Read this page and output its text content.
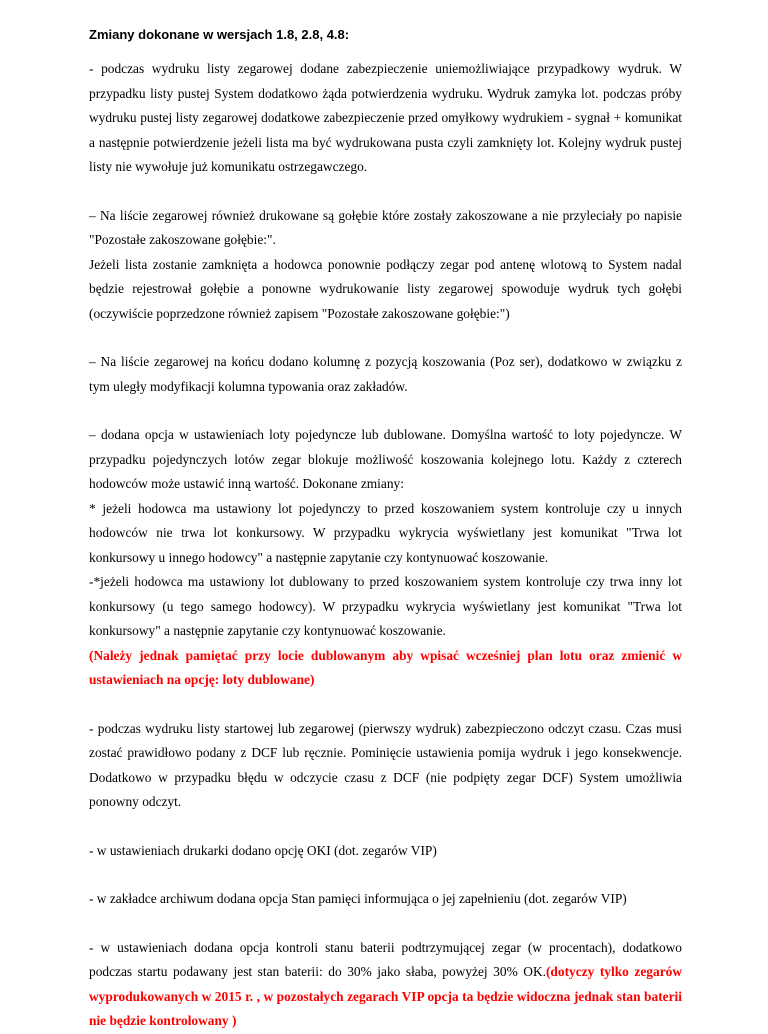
Zmiany dokonane w wersjach 1.8, 2.8, 4.8:

- podczas wydruku listy zegarowej dodane zabezpieczenie uniemożliwiające przypadkowy wydruk. W przypadku listy pustej System dodatkowo żąda potwierdzenia wydruku. Wydruk zamyka lot. podczas próby wydruku pustej listy zegarowej dodatkowe zabezpieczenie przed omyłkowy wydrukiem - sygnał + komunikat a następnie potwierdzenie jeżeli lista ma być wydrukowana pusta czyli zamknięty lot. Kolejny wydruk pustej listy nie wywołuje już komunikatu ostrzegawczego.

– Na liście zegarowej również drukowane są gołębie które zostały zakoszowane a nie przyleciały po napisie "Pozostałe zakoszowane gołębie:".

Jeżeli lista zostanie zamknięta a hodowca ponownie podłączy zegar pod antenę wlotową to System nadal będzie rejestrował gołębie a ponowne wydrukowanie listy zegarowej spowoduje wydruk tych gołębi (oczywiście poprzedzone również zapisem "Pozostałe zakoszowane gołębie:")

– Na liście zegarowej na końcu dodano kolumnę z pozycją koszowania (Poz ser), dodatkowo w związku z tym uległy modyfikacji kolumna typowania oraz zakładów.

– dodana opcja w ustawieniach loty pojedyncze lub dublowane. Domyślna wartość to loty pojedyncze. W przypadku pojedynczych lotów zegar blokuje możliwość koszowania kolejnego lotu. Każdy z czterech hodowców może ustawić inną wartość. Dokonane zmiany:

* jeżeli hodowca ma ustawiony lot pojedynczy to przed koszowaniem system kontroluje czy u innych hodowców nie trwa lot konkursowy. W przypadku wykrycia wyświetlany jest komunikat "Trwa lot konkursowy u innego hodowcy" a następnie zapytanie czy kontynuować koszowanie.

-*jeżeli hodowca ma ustawiony lot dublowany to przed koszowaniem system kontroluje czy trwa inny lot konkursowy (u tego samego hodowcy). W przypadku wykrycia wyświetlany jest komunikat "Trwa lot konkursowy" a następnie zapytanie czy kontynuować koszowanie.

(Należy jednak pamiętać przy locie dublowanym aby wpisać wcześniej plan lotu oraz zmienić w ustawieniach na opcję: loty dublowane)

- podczas wydruku listy startowej lub zegarowej (pierwszy wydruk) zabezpieczono odczyt czasu. Czas musi zostać prawidłowo podany z DCF lub ręcznie. Pominięcie ustawienia pomija wydruk i jego konsekwencje. Dodatkowo w przypadku błędu w odczycie czasu z DCF (nie podpięty zegar DCF) System umożliwia ponowny odczyt.

- w ustawieniach drukarki dodano opcję OKI (dot. zegarów VIP)

- w zakładce archiwum dodana opcja Stan pamięci informująca o jej zapełnieniu (dot. zegarów VIP)

- w ustawieniach dodana opcja kontroli stanu baterii podtrzymującej zegar (w procentach), dodatkowo podczas startu podawany jest stan baterii: do 30% jako słaba, powyżej 30% OK.(dotyczy tylko zegarów wyprodukowanych w 2015 r. , w pozostałych zegarach VIP opcja ta będzie widoczna jednak stan baterii nie będzie kontrolowany )
